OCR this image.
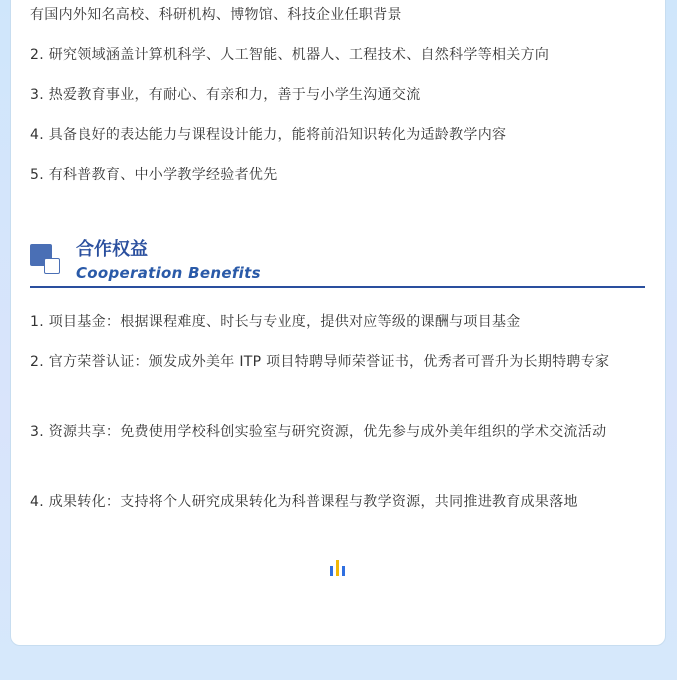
有国内外知名高校、科研机构、博物馆、科技企业任职背景
2. 研究领域涵盖计算机科学、人工智能、机器人、工程技术、自然科学等相关方向
3. 热爱教育事业，有耐心、有亲和力，善于与小学生沟通交流
4. 具备良好的表达能力与课程设计能力，能将前沿知识转化为适龄教学内容
5. 有科普教育、中小学教学经验者优先
合作权益
Cooperation Benefits
1. 项目基金：根据课程难度、时长与专业度，提供对应等级的课酬与项目基金
2. 官方荣誉认证：颁发成外美年 ITP 项目特聘导师荣誉证书，优秀者可晋升为长期特聘专家
3. 资源共享：免费使用学校科创实验室与研究资源，优先参与成外美年组织的学术交流活动
4. 成果转化：支持将个人研究成果转化为科普课程与教学资源，共同推进教育成果落地
